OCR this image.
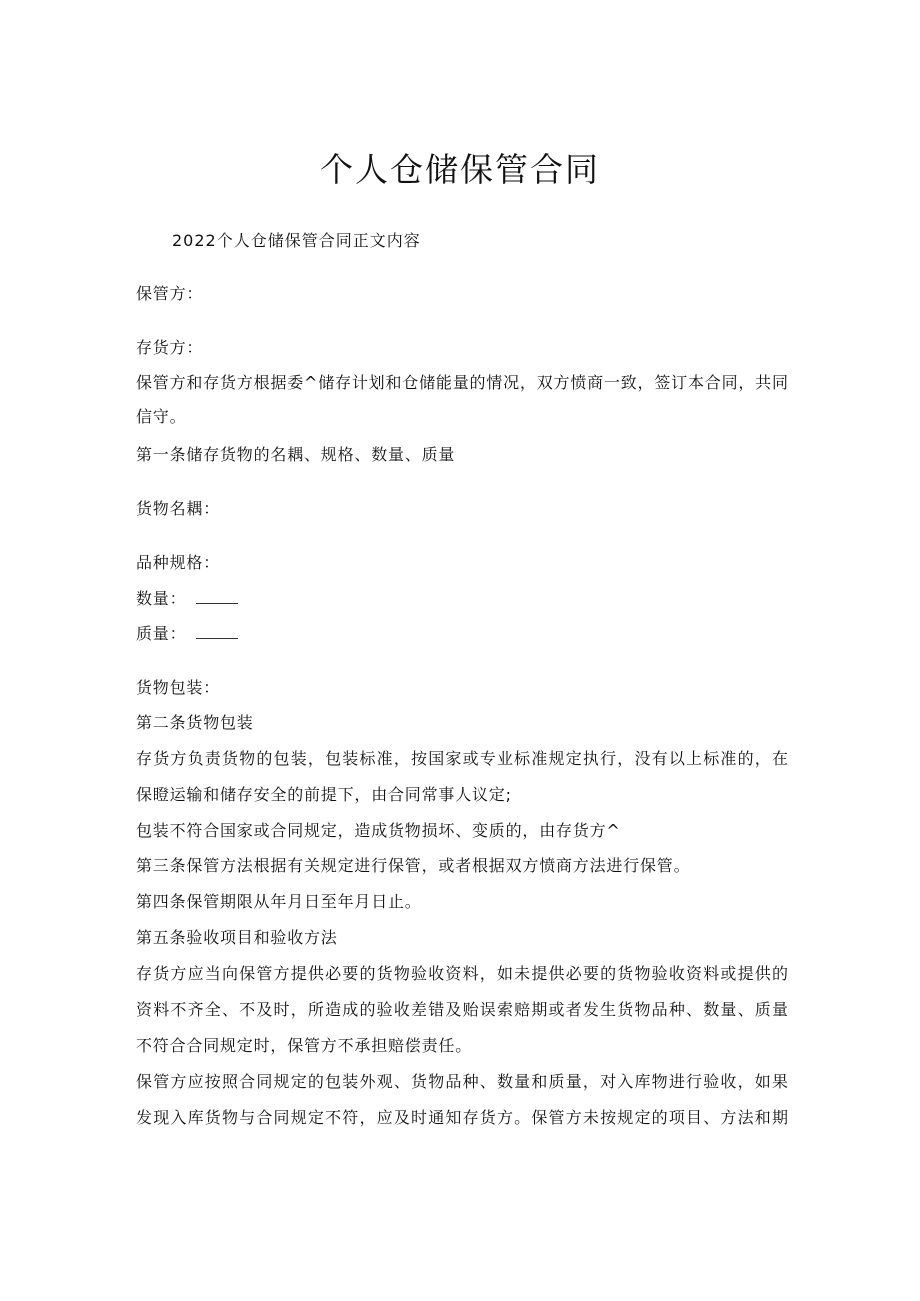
个人仓储保管合同
2022个人仓储保管合同正文内容
保管方：
存货方：
保管方和存货方根据委^储存计划和仓储能量的情况，双方愤商一致，签订本合同，共同
信守。
第一条储存货物的名耦、规格、数量、质量
货物名耦：
品种规格：
数量：
质量：
货物包装：
第二条货物包装
存货方负责货物的包装，包装标准，按国家或专业标准规定执行，没有以上标准的，在
保瞪运输和储存安全的前提下，由合同常事人议定;
包装不符合国家或合同规定，造成货物损坏、变质的，由存货方^
第三条保管方法根据有关规定进行保管，或者根据双方愤商方法进行保管。
第四条保管期限从年月日至年月日止。
第五条验收项目和验收方法
存货方应当向保管方提供必要的货物验收资料，如未提供必要的货物验收资料或提供的
资料不齐全、不及时，所造成的验收差错及贻误索赔期或者发生货物品种、数量、质量
不符合合同规定时，保管方不承担赔偿责任。
保管方应按照合同规定的包装外观、货物品种、数量和质量，对入库物进行验收，如果
发现入库货物与合同规定不符，应及时通知存货方。保管方未按规定的项目、方法和期
